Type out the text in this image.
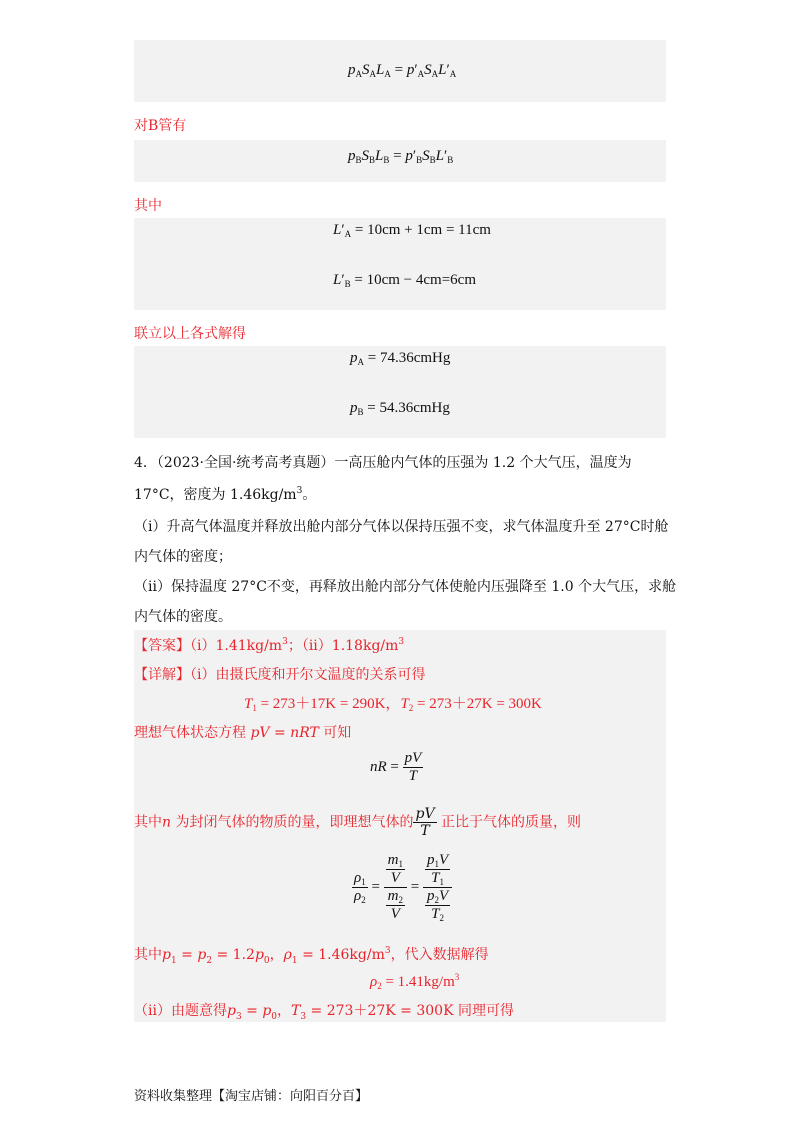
$p_AS_AL_A = p'_AS_AL'_A$
对B管有
$p_BS_BL_B = p'_BS_BL'_B$
其中
$L'_A = 10cm + 1cm = 11cm$
$L'_B = 10cm - 4cm=6cm$
联立以上各式解得
$p_A$ = 74.36cmHg
$p_B$ = 54.36cmHg
4．（2023·全国·统考高考真题）一高压舱内气体的压强为 1.2 个大气压，温度为
17°C，密度为 $1.46kg/m^3$。
（i）升高气体温度并释放出舱内部分气体以保持压强不变，求气体温度升至 27°C时舱
内气体的密度；
（ii）保持温度 27°C不变，再释放出舱内部分气体使舱内压强降至 1.0 个大气压，求舱
内气体的密度。
【答案】$(i)1.41kg/m^3$；$(ii)1.18kg/m^3$
【详解】（i）由摄氏度和开尔文温度的关系可得
$T_1 = 273+17K = 290K$，$T_2 = 273+27K = 300K$
理想气体状态方程 pV = nRT 可知
nR = $\frac{pV}{T}$
其中n 为封闭气体的物质的量，即理想气体的 $\frac{pV}{T}$ 正比于气体的质量，则
$\frac{\rho_1}{\rho_2} = \frac{\frac{m_1}{V}}{\frac{m_2}{V}} = \frac{\frac{p_1V}{T_1}}{\frac{p_2V}{T_2}}$
其中$p_1 = p_2 = 1.2p_0$，$\rho_1 = 1.46kg/m^3$，代入数据解得
$\rho_2 = 1.41kg/m^3$
（ii）由题意得$p_3 = p_0$，$T_3 = 273+27K = 300K$ 同理可得
资料收集整理【淘宝店铺：向阳百分百】
